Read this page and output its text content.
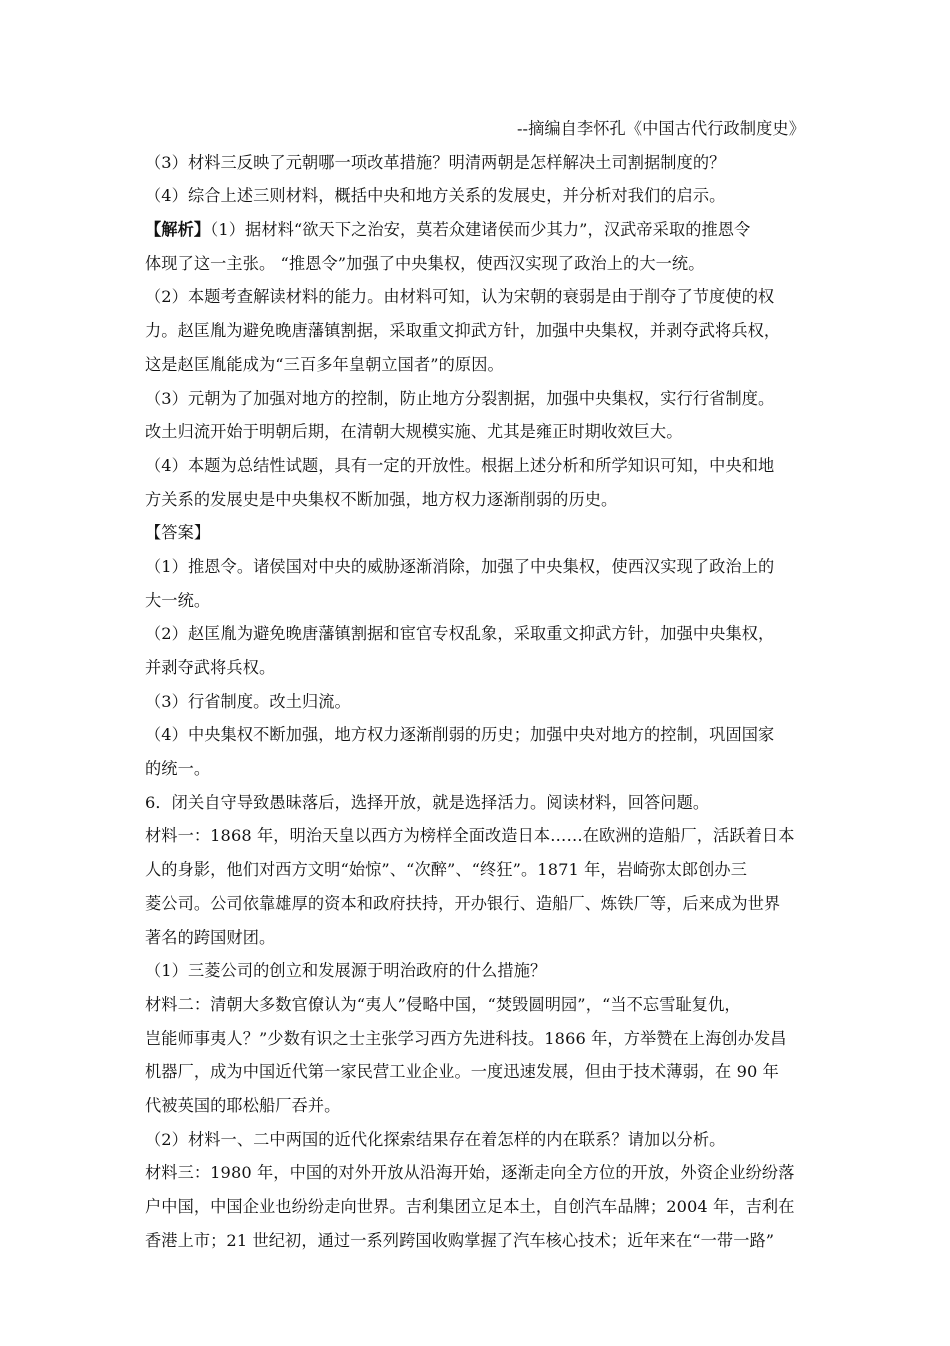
--摘编自李怀孔《中国古代行政制度史》
（3）材料三反映了元朝哪一项改革措施？明清两朝是怎样解决土司割据制度的？
（4）综合上述三则材料，概括中央和地方关系的发展史，并分析对我们的启示。
【解析】（1）据材料“欲天下之治安，莫若众建诸侯而少其力”，汉武帝采取的推恩令
体现了这一主张。 “推恩令”加强了中央集权，使西汉实现了政治上的大一统。
（2）本题考查解读材料的能力。由材料可知，认为宋朝的衰弱是由于削夺了节度使的权
力。赵匡胤为避免晚唐藩镇割据，采取重文抑武方针，加强中央集权，并剥夺武将兵权，
这是赵匡胤能成为“三百多年皇朝立国者”的原因。
（3）元朝为了加强对地方的控制，防止地方分裂割据，加强中央集权，实行行省制度。
改土归流开始于明朝后期，在清朝大规模实施、尤其是雍正时期收效巨大。
（4）本题为总结性试题，具有一定的开放性。根据上述分析和所学知识可知，中央和地
方关系的发展史是中央集权不断加强，地方权力逐渐削弱的历史。
【答案】
（1）推恩令。诸侯国对中央的威胁逐渐消除，加强了中央集权，使西汉实现了政治上的
大一统。
（2）赵匡胤为避免晚唐藩镇割据和宦官专权乱象，采取重文抑武方针，加强中央集权，
并剥夺武将兵权。
（3）行省制度。改土归流。
（4）中央集权不断加强，地方权力逐渐削弱的历史；加强中央对地方的控制，巩固国家
的统一。
6．闭关自守导致愚昧落后，选择开放，就是选择活力。阅读材料，回答问题。
材料一：1868 年，明治天皇以西方为榜样全面改造日本……在欧洲的造船厂，活跃着日本
人的身影，他们对西方文明“始惊”、“次醉”、“终狂”。1871 年，岩崎弥太郎创办三
菱公司。公司依靠雄厚的资本和政府扶持，开办银行、造船厂、炼铁厂等，后来成为世界
著名的跨国财团。
（1）三菱公司的创立和发展源于明治政府的什么措施？
材料二：清朝大多数官僚认为“夷人”侵略中国，“焚毁圆明园”，“当不忘雪耻复仇，
岂能师事夷人？”少数有识之士主张学习西方先进科技。1866 年，方举赞在上海创办发昌
机器厂，成为中国近代第一家民营工业企业。一度迅速发展，但由于技术薄弱，在 90 年
代被英国的耶松船厂吞并。
（2）材料一、二中两国的近代化探索结果存在着怎样的内在联系？请加以分析。
材料三：1980 年，中国的对外开放从沿海开始，逐渐走向全方位的开放，外资企业纷纷落
户中国，中国企业也纷纷走向世界。吉利集团立足本土，自创汽车品牌；2004 年，吉利在
香港上市；21 世纪初，通过一系列跨国收购掌握了汽车核心技术；近年来在“一带一路”
